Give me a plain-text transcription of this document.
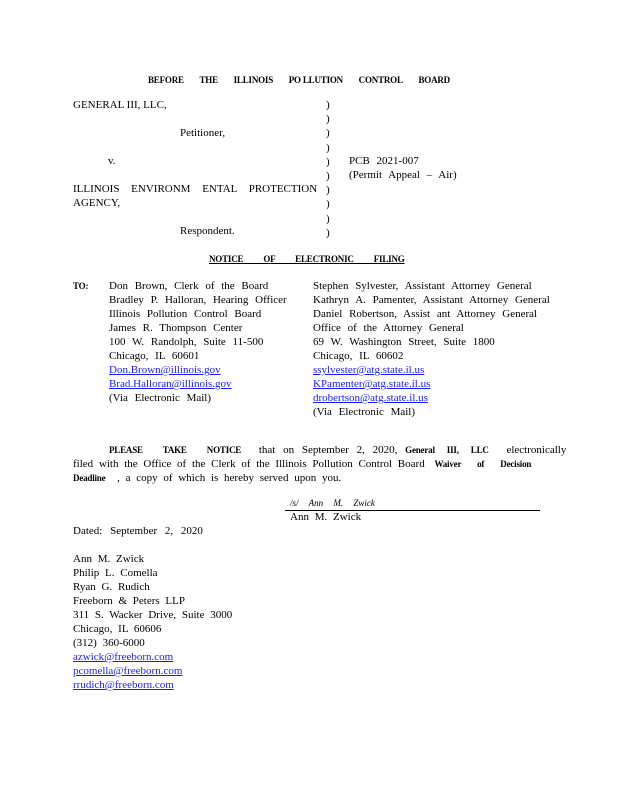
BEFORE THE ILLINOIS PO LLUTION CONTROL BOARD
GENERAL III, LLC,
Petitioner,
v.
ILLINOIS ENVIRONM ENTAL PROTECTION
AGENCY,
Respondent.
)
)
)
)
)
)
)
)
)
)
PCB 2021-007
(Permit Appeal – Air)
NOTICE OF ELECTRONIC FILING
TO: Don Brown, Clerk of the Board
Bradley P. Halloran, Hearing Officer
Illinois Pollution Control Board
James R. Thompson Center
100 W. Randolph, Suite 11-500
Chicago, IL 60601
Don.Brown@illinois.gov
Brad.Halloran@illinois.gov
(Via Electronic Mail)
Stephen Sylvester, Assistant Attorney General
Kathryn A. Pamenter, Assistant Attorney General
Daniel Robertson, Assist ant Attorney General
Office of the Attorney General
69 W. Washington Street, Suite 1800
Chicago, IL 60602
ssylvester@atg.state.il.us
KPamenter@atg.state.il.us
drobertson@atg.state.il.us
(Via Electronic Mail)
PLEASE TAKE NOTICE that on September 2, 2020, General III, LLC electronically
filed with the Office of the Clerk of the Illinois Pollution Control Board Waiver of Decision
Deadline , a copy of which is hereby served upon you.
/s/ Ann M. Zwick
Ann M. Zwick
Dated: September 2, 2020
Ann M. Zwick
Philip L. Comella
Ryan G. Rudich
Freeborn & Peters LLP
311 S. Wacker Drive, Suite 3000
Chicago, IL 60606
(312) 360-6000
azwick@freeborn.com
pcomella@freeborn.com
rrudich@freeborn.com
